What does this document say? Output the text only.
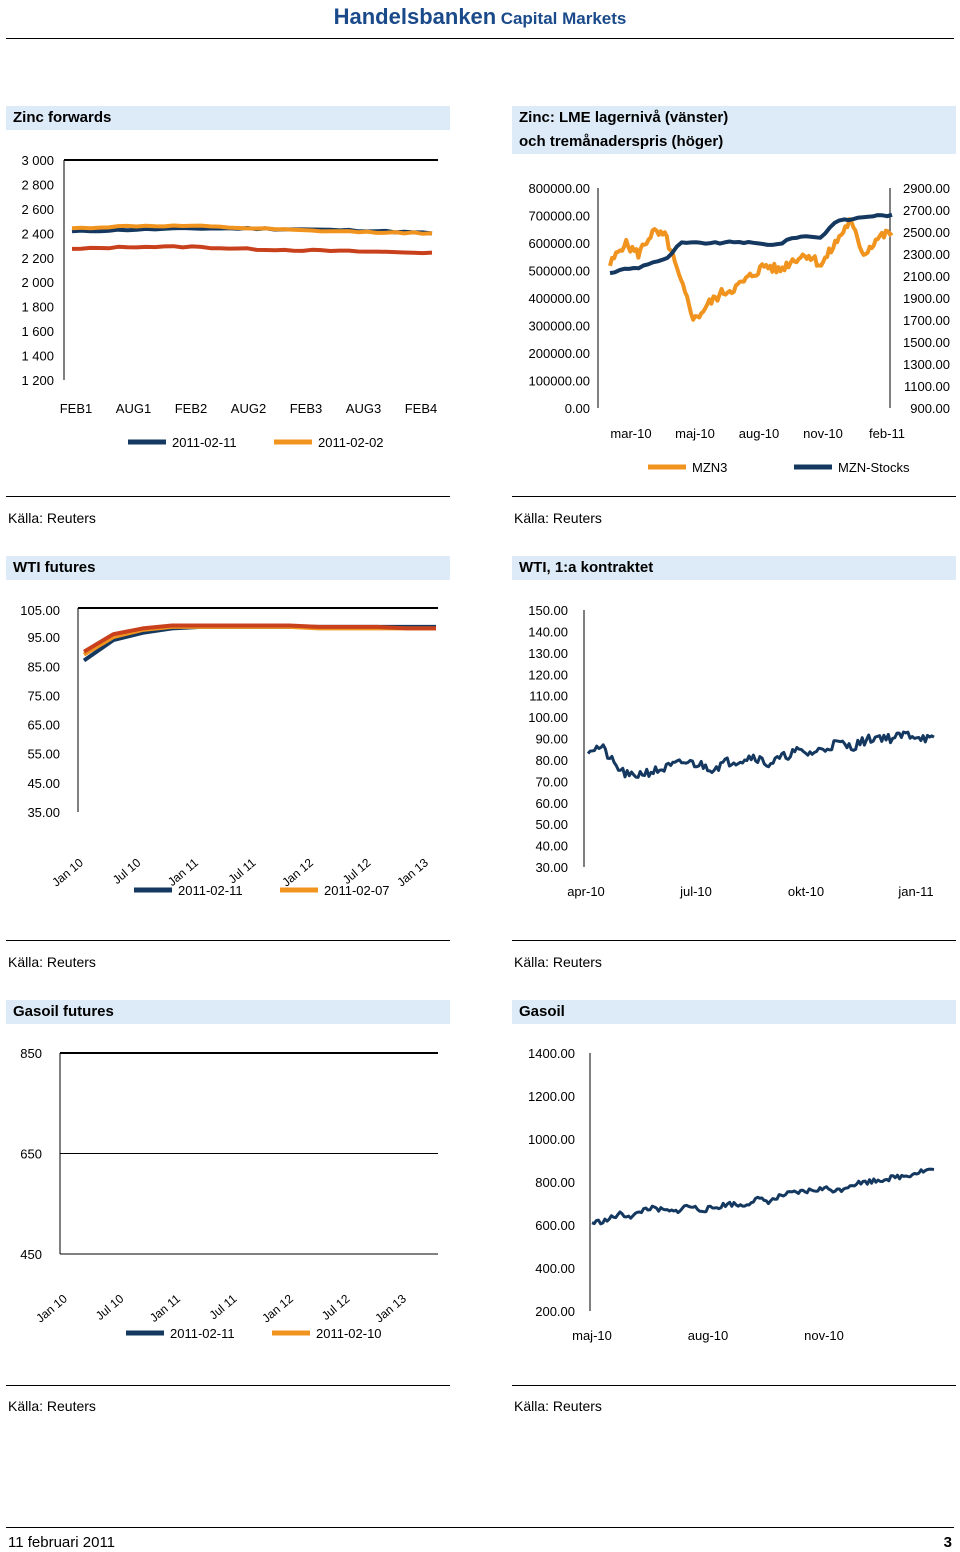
Handelsbanken Capital Markets
Zinc forwards	Zinc: LME lagernivå (vänster)
och tremånaderspris (höger)
WTI futures	WTI, 1:a kontraktet
Gasoil futures	Gasoil
Källa: Reuters	Källa: Reuters
Källa: Reuters	Källa: Reuters
Källa: Reuters	Källa: Reuters
3 000
2 800
2 600
2 400
2 200
2 000
1 800
1 600
1 400
1 200
FEB1 AUG1 FEB2 AUG2 FEB3 AUG3 FEB4
2011-02-11	2011-02-02
800000.00
700000.00
600000.00
500000.00
400000.00
300000.00
200000.00
100000.00
0.00
2900.00
2700.00
2500.00
2300.00
2100.00
1900.00
1700.00
1500.00
1300.00
1100.00
900.00
mar-10 maj-10 aug-10 nov-10 feb-11
MZN3	MZN-Stocks
105.00
95.00
85.00
75.00
65.00
55.00
45.00
35.00
Jan 10 Jul 10 Jan 11 Jul 11 Jan 12 Jul 12 Jan 13
2011-02-11	2011-02-07
150.00
140.00
130.00
120.00
110.00
100.00
90.00
80.00
70.00
60.00
50.00
40.00
30.00
apr-10	jul-10	okt-10	jan-11
850
650
450
Jan 10 Jul 10 Jan 11 Jul 11 Jan 12 Jul 12 Jan 13
2011-02-11	2011-02-10
1400.00
1200.00
1000.00
800.00
600.00
400.00
200.00
maj-10	aug-10	nov-10
11 februari 2011	3
